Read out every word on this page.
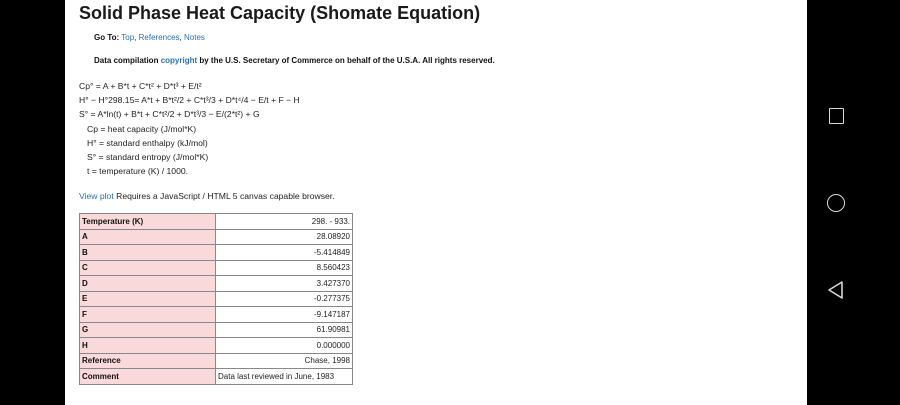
Solid Phase Heat Capacity (Shomate Equation)
Go To: Top, References, Notes
Data compilation copyright by the U.S. Secretary of Commerce on behalf of the U.S.A. All rights reserved.
Cp° = A + B*t + C*t² + D*t³ + E/t²
H° − H°298.15= A*t + B*t²/2 + C*t³/3 + D*t⁴/4 − E/t + F − H
S° = A*ln(t) + B*t + C*t²/2 + D*t³/3 − E/(2*t²) + G
Cp = heat capacity (J/mol*K)
H° = standard enthalpy (kJ/mol)
S° = standard entropy (J/mol*K)
t = temperature (K) / 1000.
View plot Requires a JavaScript / HTML 5 canvas capable browser.
Temperature (K)	298. - 933.
A	28.08920
B	-5.414849
C	8.560423
D	3.427370
E	-0.277375
F	-9.147187
G	61.90981
H	0.000000
Reference	Chase, 1998
Comment	Data last reviewed in June, 1983
